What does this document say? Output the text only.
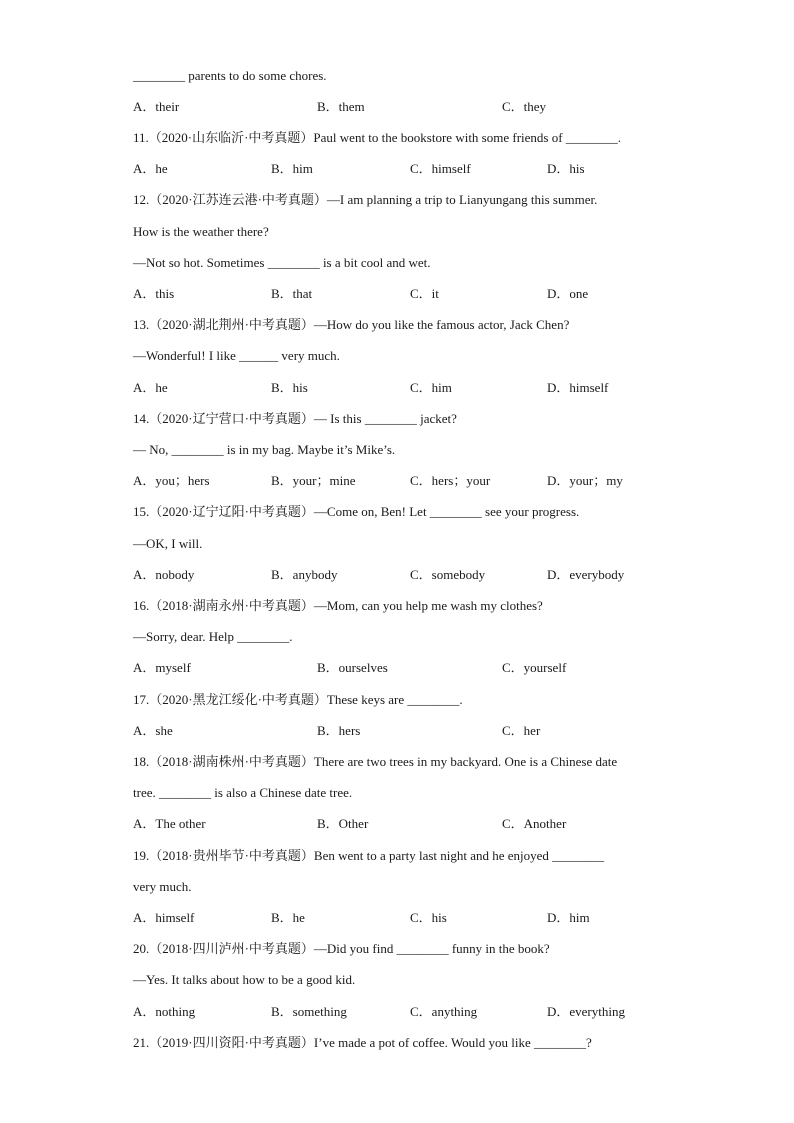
________ parents to do some chores.
A．their	B．them	C．they
11.（2020·山东临沂·中考真题）Paul went to the bookstore with some friends of ________.
A．he	B．him	C．himself	D．his
12.（2020·江苏连云港·中考真题）—I am planning a trip to Lianyungang this summer.
How is the weather there?
—Not so hot. Sometimes ________ is a bit cool and wet.
A．this	B．that	C．it	D．one
13.（2020·湖北荆州·中考真题）—How do you like the famous actor, Jack Chen?
—Wonderful! I like ______ very much.
A．he	B．his	C．him	D．himself
14.（2020·辽宁营口·中考真题）— Is this ________ jacket?
— No, ________ is in my bag. Maybe it’s Mike’s.
A．you；hers	B．your；mine	C．hers；your	D．your；my
15.（2020·辽宁辽阳·中考真题）—Come on, Ben! Let ________ see your progress.
—OK, I will.
A．nobody	B．anybody	C．somebody	D．everybody
16.（2018·湖南永州·中考真题）—Mom, can you help me wash my clothes?
—Sorry, dear. Help ________.
A．myself	B．ourselves	C．yourself
17.（2020·黑龙江绥化·中考真题）These keys are ________.
A．she	B．hers	C．her
18.（2018·湖南株州·中考真题）There are two trees in my backyard. One is a Chinese date
tree. ________ is also a Chinese date tree.
A．The other	B．Other	C．Another
19.（2018·贵州毕节·中考真题）Ben went to a party last night and he enjoyed ________
very much.
A．himself	B．he	C．his	D．him
20.（2018·四川泸州·中考真题）—Did you find ________ funny in the book?
—Yes. It talks about how to be a good kid.
A．nothing	B．something	C．anything	D．everything
21.（2019·四川资阳·中考真题）I’ve made a pot of coffee. Would you like ________?
